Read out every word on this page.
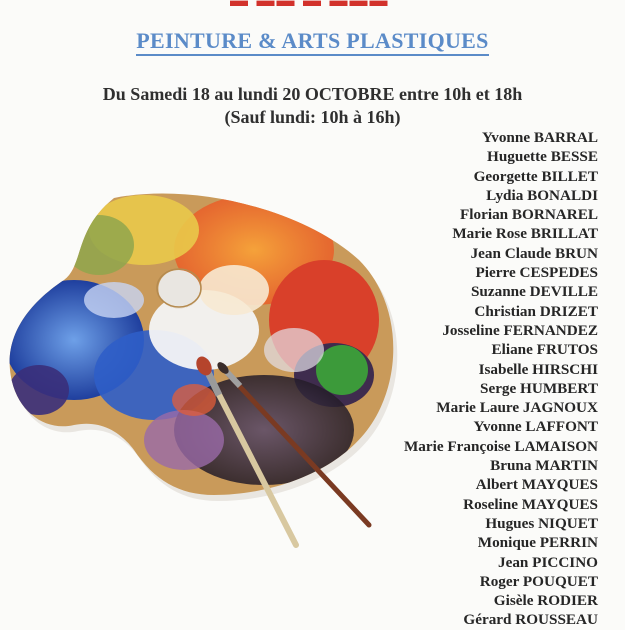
▬ ▬▬ ▬ ▬▬▬
PEINTURE & ARTS PLASTIQUES
Du Samedi 18 au lundi 20 OCTOBRE entre 10h et 18h
(Sauf lundi: 10h à 16h)
Yvonne BARRAL
Huguette BESSE
Georgette BILLET
Lydia BONALDI
Florian BORNAREL
Marie Rose BRILLAT
Jean Claude BRUN
Pierre CESPEDES
Suzanne DEVILLE
Christian DRIZET
Josseline FERNANDEZ
Eliane FRUTOS
Isabelle HIRSCHI
Serge HUMBERT
Marie Laure JAGNOUX
Yvonne LAFFONT
Marie Françoise LAMAISON
Bruna MARTIN
Albert MAYQUES
Roseline MAYQUES
Hugues NIQUET
Monique PERRIN
Jean PICCINO
Roger POUQUET
Gisèle RODIER
Gérard ROUSSEAU
